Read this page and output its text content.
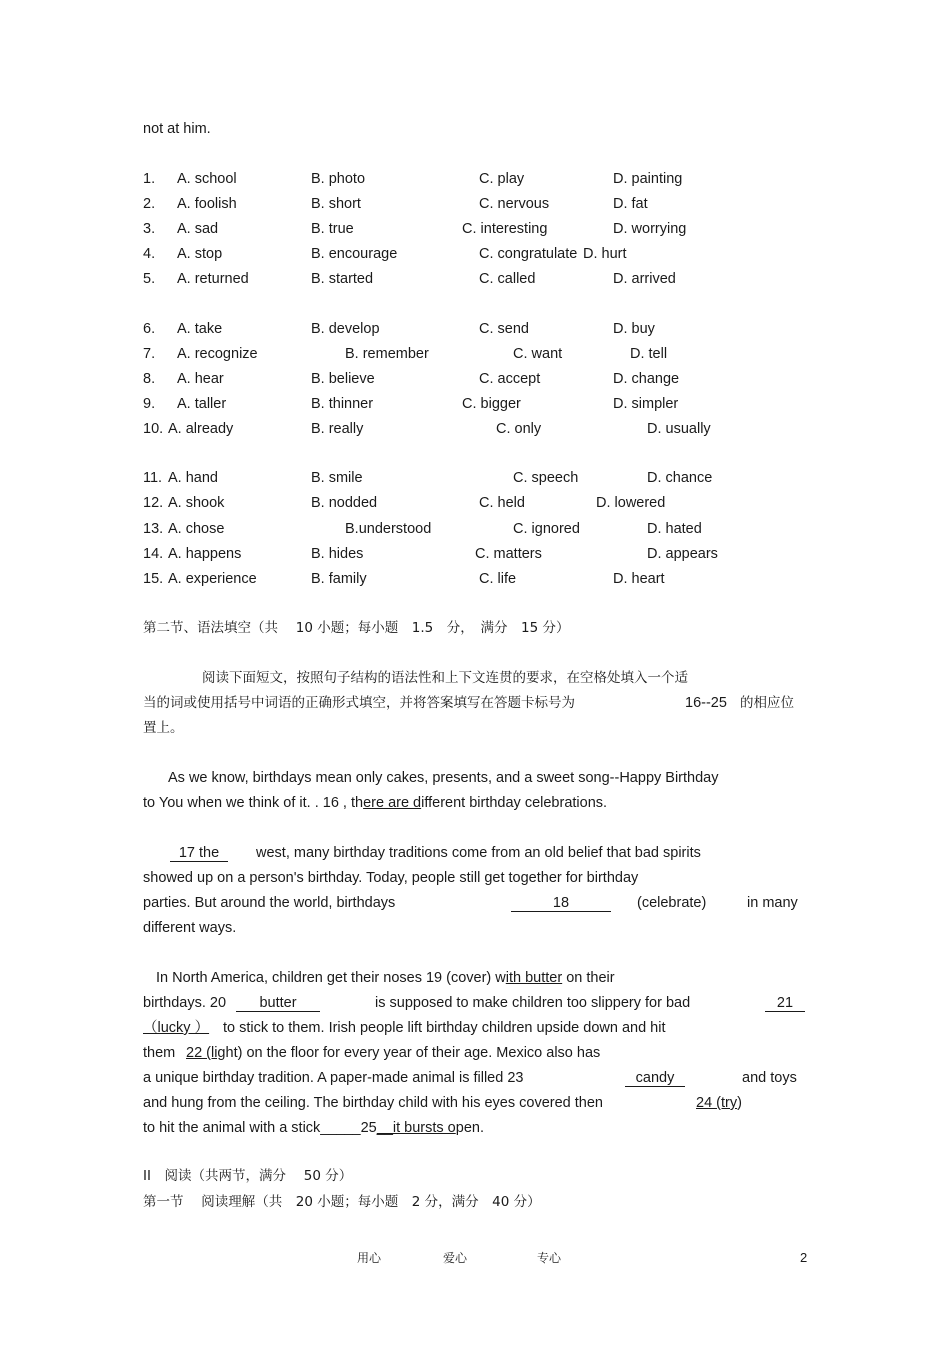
not at him.
1. A. school	B. photo	C. play	D. painting
2. A. foolish	B. short	C. nervous	D. fat
3. A. sad	B. true	C. interesting	D. worrying
4. A. stop	B. encourage	C. congratulate D. hurt
5. A. returned	B. started	C. called	D. arrived
6. A. take	B. develop	C. send	D. buy
7. A. recognize	B. remember	C. want	D. tell
8. A. hear	B. believe	C. accept	D. change
9. A. taller	B. thinner	C. bigger	D. simpler
10. A. already	B. really	C. only	D. usually
11. A. hand	B. smile	C. speech	D. chance
12. A. shook	B. nodded	C. held	D. lowered
13. A. chose	B.understood	C. ignored	D. hated
14. A. happens	B. hides	C. matters	D. appears
15. A. experience	B. family	C. life	D. heart
第二节、语法填空（共　 10 小题；每小题　1.5　分，　满分　15 分）
阅读下面短文，按照句子结构的语法性和上下文连贯的要求，在空格处填入一个适
当的词或使用括号中词语的正确形式填空，并将答案填写在答题卡标号为	16--25 的相应位
置上。
As we know, birthdays mean only cakes, presents, and a sweet song--Happy Birthday
to You when we think of it. . 16 , there are different birthday celebrations.
17 the	west, many birthday traditions come from an old belief that bad spirits
showed up on a person's birthday. Today, people still get together for birthday
parties. But around the world, birthdays	18	(celebrate)	in many
different ways.
In North America, children get their noses 19 (cover) with butter on their
birthdays. 20	butter	is supposed to make children too slippery for bad	21
（lucky ） to stick to them. Irish people lift birthday children upside down and hit
them 22 (light) on the floor for every year of their age. Mexico also has
a unique birthday tradition. A paper-made animal is filled 23	candy	and toys
and hung from the ceiling. The birthday child with his eyes covered then	24 (try)
to hit the animal with a stick_____25__it bursts open.
II　阅读（共两节，满分　 50 分）
第一节　 阅读理解（共　20 小题；每小题　2 分，满分　40 分）
用心	爱心	专心	2
